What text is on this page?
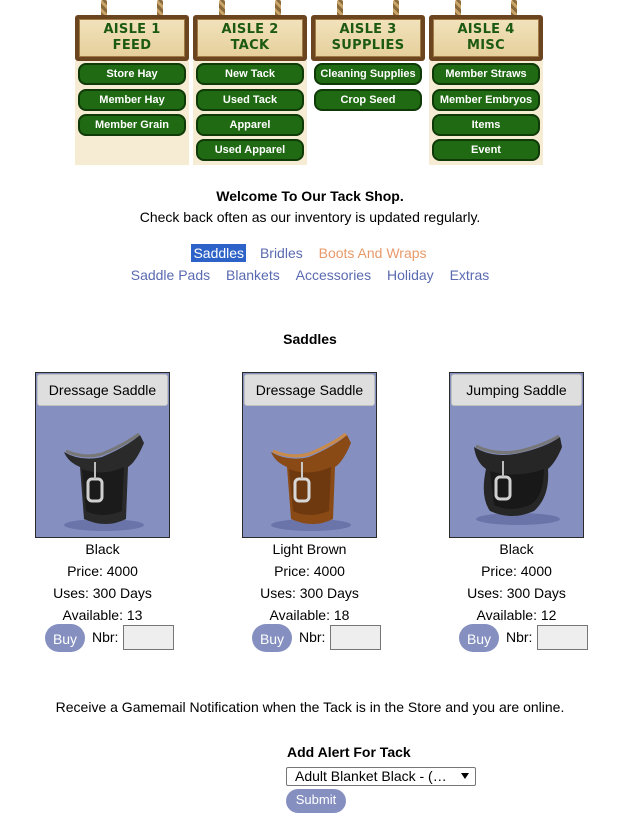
AISLE 1
FEED
Store Hay
Member Hay
Member Grain
AISLE 2
TACK
New Tack
Used Tack
Apparel
Used Apparel
AISLE 3
SUPPLIES
Cleaning Supplies
Crop Seed
AISLE 4
MISC
Member Straws
Member Embryos
Items
Event
Welcome To Our Tack Shop.
Check back often as our inventory is updated regularly.
Saddles Bridles Boots And Wraps
Saddle Pads Blankets Accessories Holiday Extras
Saddles
Dressage Saddle
Black
Price: 4000
Uses: 300 Days
Available: 13
Buy	Nbr:
Dressage Saddle
Light Brown
Price: 4000
Uses: 300 Days
Available: 18
Buy	Nbr:
Jumping Saddle
Black
Price: 4000
Uses: 300 Days
Available: 12
Buy	Nbr:
Receive a Gamemail Notification when the Tack is in the Store and you are online.
Add Alert For Tack
Adult Blanket Black - (…
Submit
